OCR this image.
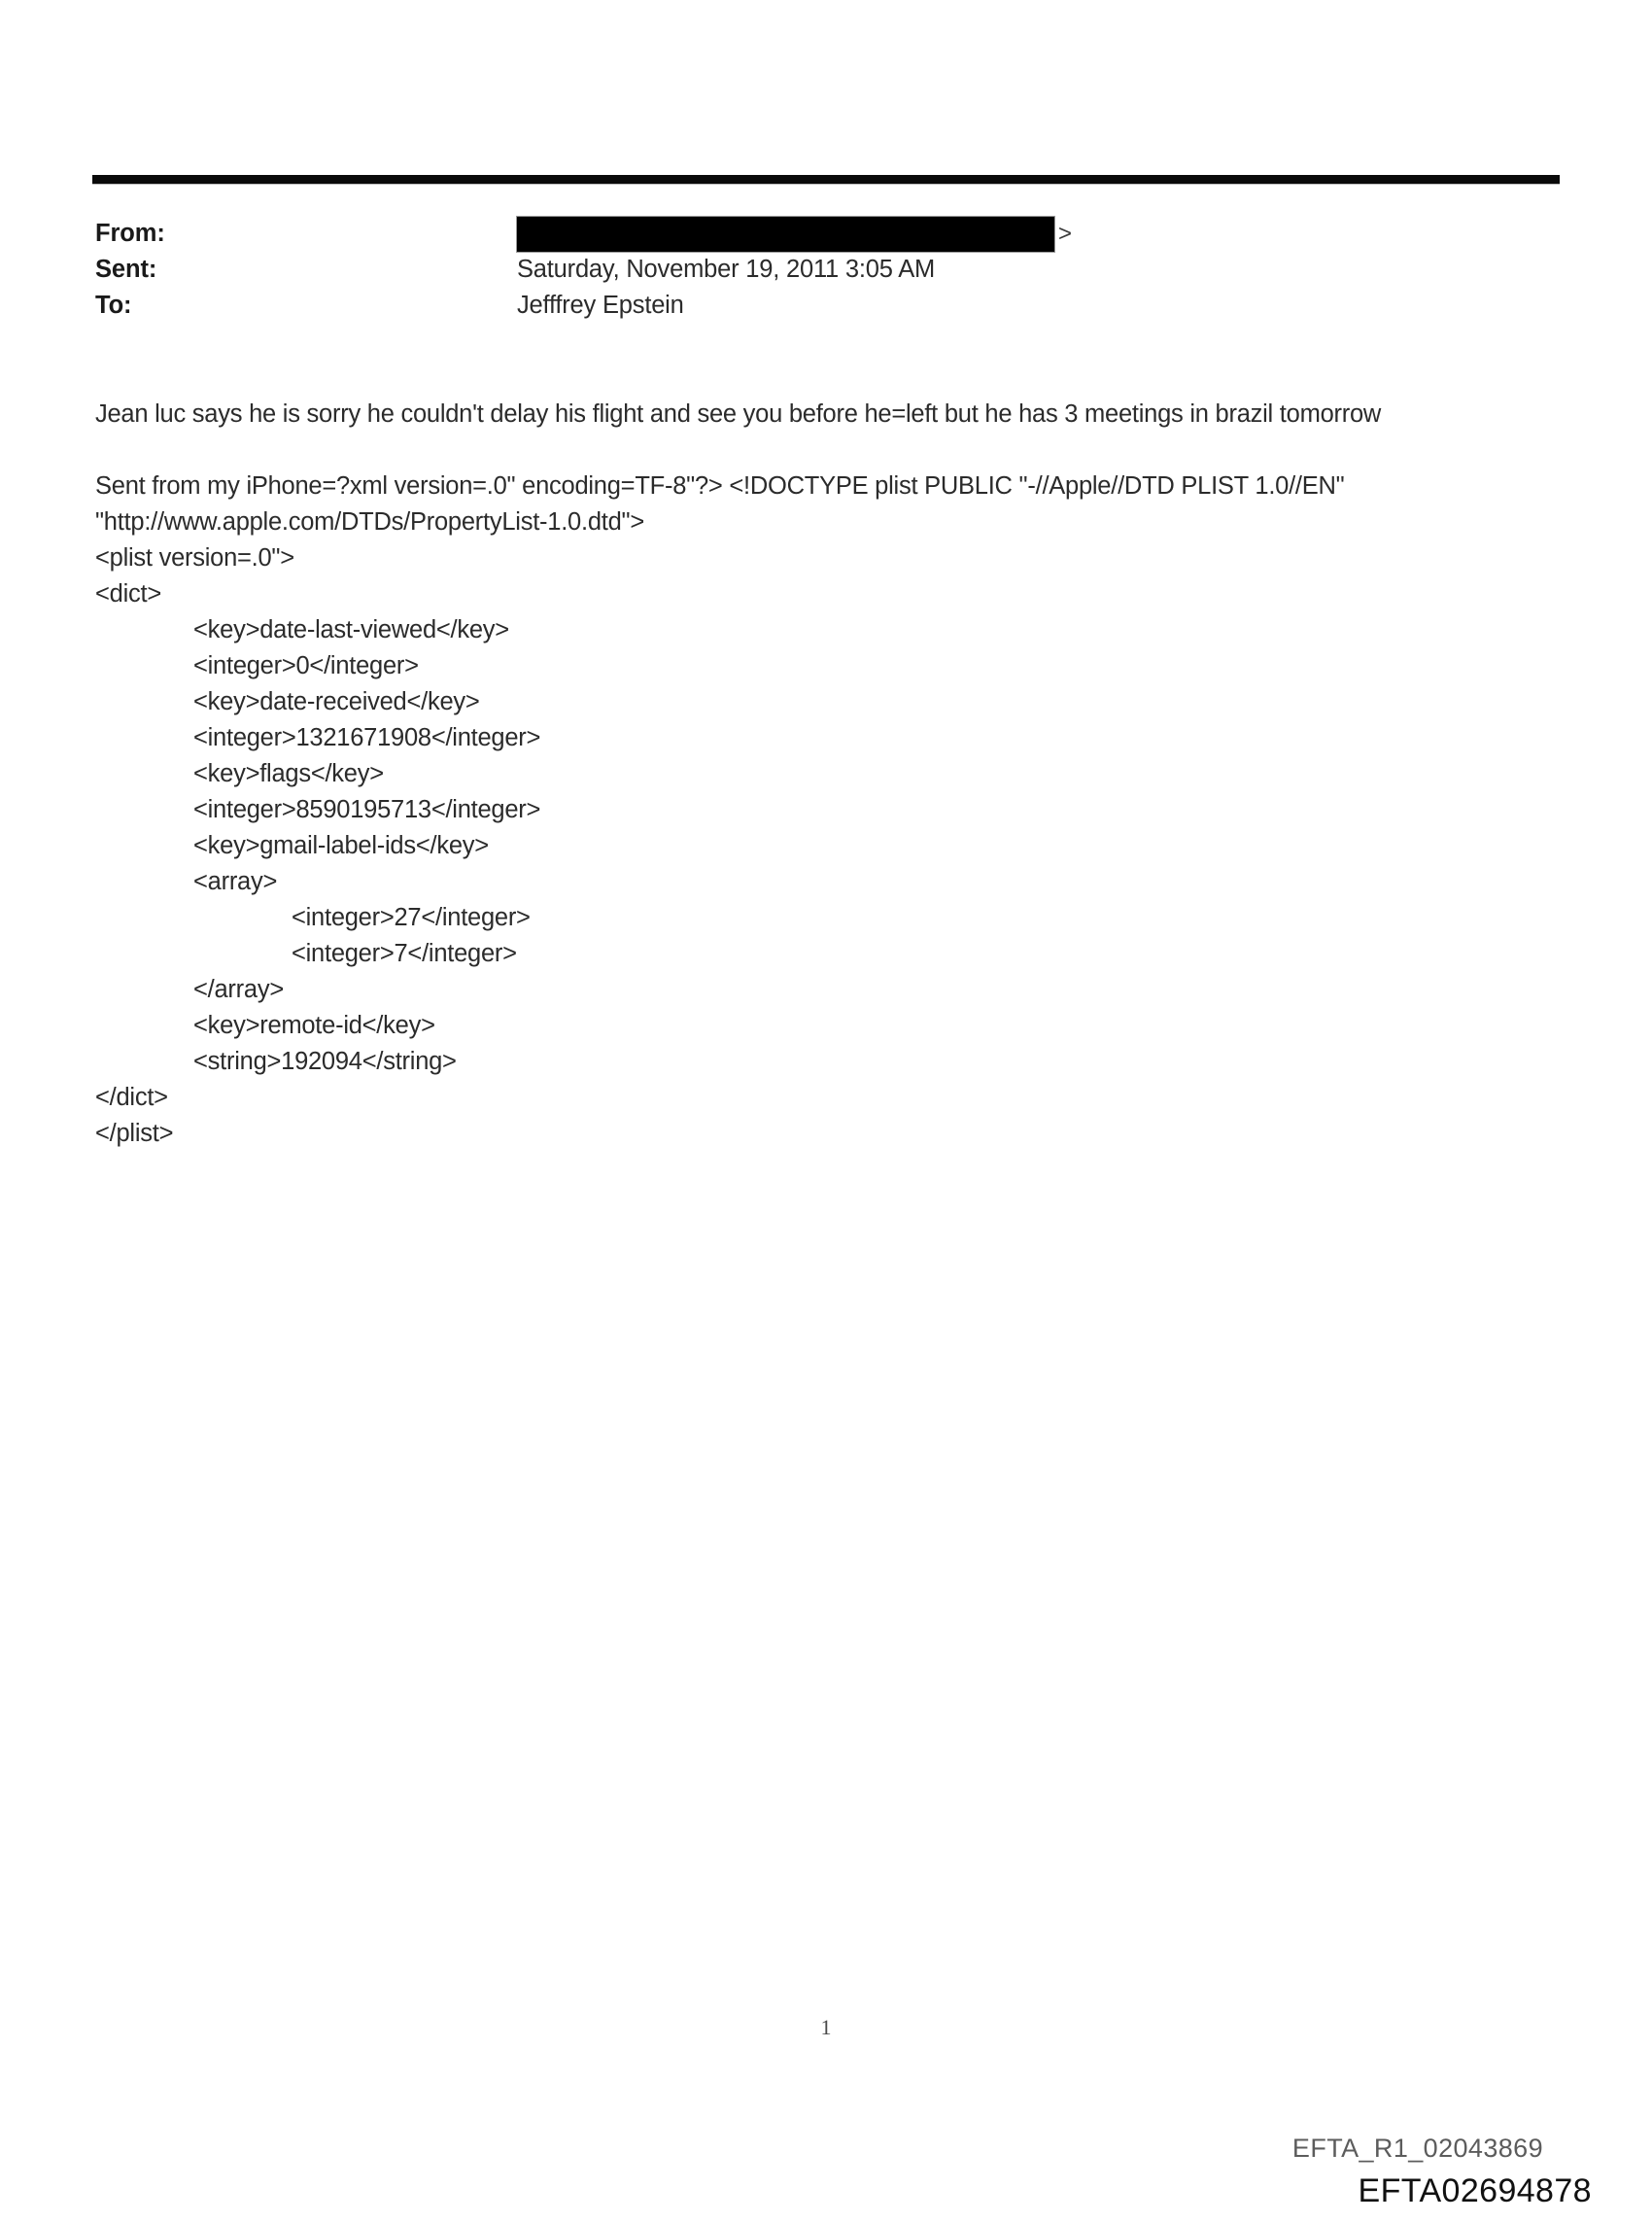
From:	>
Sent:	Saturday, November 19, 2011 3:05 AM
To:	Jefffrey Epstein
Jean luc says he is sorry he couldn't delay his flight and see you before he=left but he has 3 meetings in brazil tomorrow
Sent from my iPhone=?xml version=.0" encoding=TF-8"?> <!DOCTYPE plist PUBLIC "-//Apple//DTD PLIST 1.0//EN"
"http://www.apple.com/DTDs/PropertyList-1.0.dtd">
<plist version=.0">
<dict>
<key>date-last-viewed</key>
<integer>0</integer>
<key>date-received</key>
<integer>1321671908</integer>
<key>flags</key>
<integer>8590195713</integer>
<key>gmail-label-ids</key>
<array>
<integer>27</integer>
<integer>7</integer>
</array>
<key>remote-id</key>
<string>192094</string>
</dict>
</plist>
1
EFTA_R1_02043869
EFTA02694878
